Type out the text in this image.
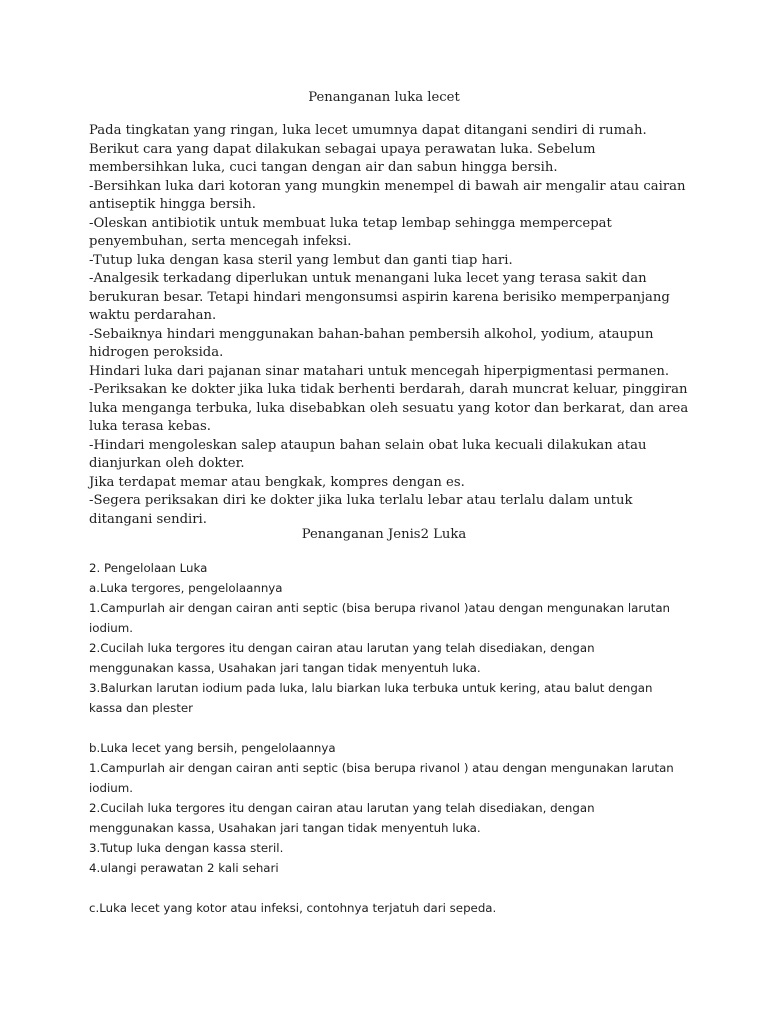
Penanganan luka lecet

Pada tingkatan yang ringan, luka lecet umumnya dapat ditangani sendiri di rumah. Berikut cara yang dapat dilakukan sebagai upaya perawatan luka. Sebelum membersihkan luka, cuci tangan dengan air dan sabun hingga bersih.

-Bersihkan luka dari kotoran yang mungkin menempel di bawah air mengalir atau cairan antiseptik hingga bersih.

-Oleskan antibiotik untuk membuat luka tetap lembap sehingga mempercepat penyembuhan, serta mencegah infeksi.

-Tutup luka dengan kasa steril yang lembut dan ganti tiap hari.

-Analgesik terkadang diperlukan untuk menangani luka lecet yang terasa sakit dan berukuran besar. Tetapi hindari mengonsumsi aspirin karena berisiko memperpanjang waktu perdarahan.

-Sebaiknya hindari menggunakan bahan-bahan pembersih alkohol, yodium, ataupun hidrogen peroksida.

Hindari luka dari pajanan sinar matahari untuk mencegah hiperpigmentasi permanen.

-Periksakan ke dokter jika luka tidak berhenti berdarah, darah muncrat keluar, pinggiran luka menganga terbuka, luka disebabkan oleh sesuatu yang kotor dan berkarat, dan area luka terasa kebas.

-Hindari mengoleskan salep ataupun bahan selain obat luka kecuali dilakukan atau dianjurkan oleh dokter.

Jika terdapat memar atau bengkak, kompres dengan es.

-Segera periksakan diri ke dokter jika luka terlalu lebar atau terlalu dalam untuk ditangani sendiri.

Penanganan Jenis2 Luka

2. Pengelolaan Luka

a.Luka tergores, pengelolaannya

1.Campurlah air dengan cairan anti septic (bisa berupa rivanol )atau dengan mengunakan larutan iodium.

2.Cucilah luka tergores itu dengan cairan atau larutan yang telah disediakan, dengan menggunakan kassa, Usahakan jari tangan tidak menyentuh luka.

3.Balurkan larutan iodium pada luka, lalu biarkan luka terbuka untuk kering, atau balut dengan kassa dan plester

b.Luka lecet yang bersih, pengelolaannya

1.Campurlah air dengan cairan anti septic (bisa berupa rivanol ) atau dengan mengunakan larutan iodium.

2.Cucilah luka tergores itu dengan cairan atau larutan yang telah disediakan, dengan menggunakan kassa, Usahakan jari tangan tidak menyentuh luka.

3.Tutup luka dengan kassa steril.

4.ulangi perawatan 2 kali sehari

c.Luka lecet yang kotor atau infeksi, contohnya terjatuh dari sepeda.
